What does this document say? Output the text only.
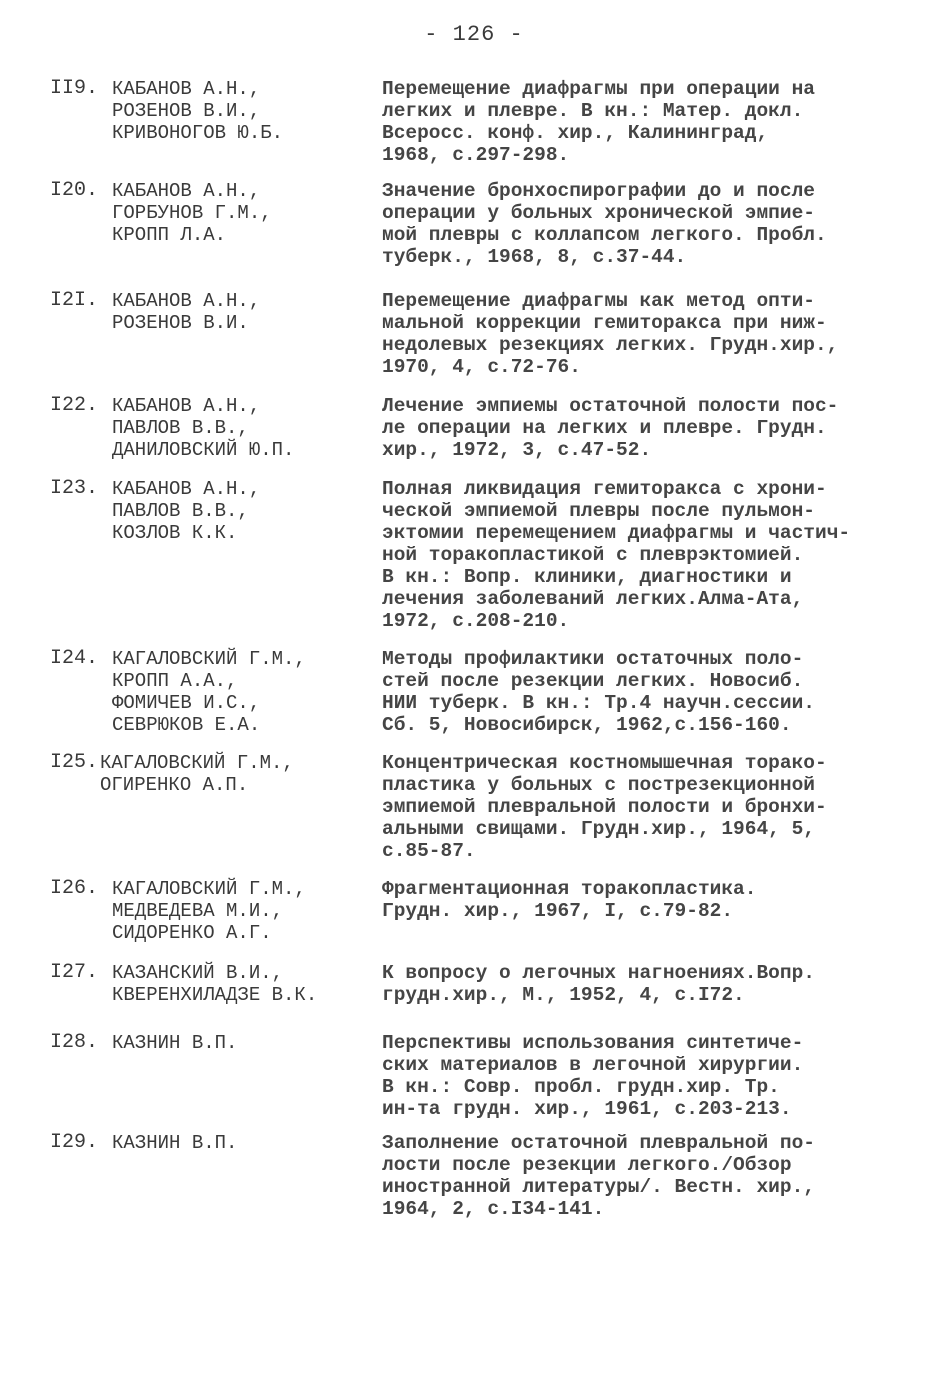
- 126 -
II9. КАБАНОВ А.Н.,
РОЗЕНОВ В.И.,
КРИВОНОГОВ Ю.Б.
Перемещение диафрагмы при операции на
легких и плевре. В кн.: Матер. докл.
Всеросс. конф. хир., Калининград,
1968, с.297-298.
I20. КАБАНОВ А.Н.,
ГОРБУНОВ Г.М.,
КРОПП Л.А.
Значение бронхоспирографии до и после
операции у больных хронической эмпие-
мой плевры с коллапсом легкого. Пробл.
туберк., 1968, 8, с.37-44.
I2I. КАБАНОВ А.Н.,
РОЗЕНОВ В.И.
Перемещение диафрагмы как метод опти-
мальной коррекции гемиторакса при ниж-
недолевых резекциях легких. Грудн.хир.,
1970, 4, с.72-76.
I22. КАБАНОВ А.Н.,
ПАВЛОВ В.В.,
ДАНИЛОВСКИЙ Ю.П.
Лечение эмпиемы остаточной полости пос-
ле операции на легких и плевре. Грудн.
хир., 1972, 3, с.47-52.
I23. КАБАНОВ А.Н.,
ПАВЛОВ В.В.,
КОЗЛОВ К.К.
Полная ликвидация гемиторакса с хрони-
ческой эмпиемой плевры после пульмон-
эктомии перемещением диафрагмы и частич-
ной торакопластикой с плеврэктомией.
В кн.: Вопр. клиники, диагностики и
лечения заболеваний легких.Алма-Ата,
1972, с.208-210.
I24. КАГАЛОВСКИЙ Г.М.,
КРОПП А.А.,
ФОМИЧЕВ И.С.,
СЕВРЮКОВ Е.А.
Методы профилактики остаточных поло-
стей после резекции легких. Новосиб.
НИИ туберк. В кн.: Тр.4 научн.сессии.
Сб. 5, Новосибирск, 1962,с.156-160.
I25. КАГАЛОВСКИЙ Г.М.,
ОГИРЕНКО А.П.
Концентрическая костномышечная торако-
пластика у больных с пострезекционной
эмпиемой плевральной полости и бронхи-
альными свищами. Грудн.хир., 1964, 5,
с.85-87.
I26. КАГАЛОВСКИЙ Г.М.,
МЕДВЕДЕВА М.И.,
СИДОРЕНКО А.Г.
Фрагментационная торакопластика.
Грудн. хир., 1967, I, с.79-82.
I27. КАЗАНСКИЙ В.И.,
КВЕРЕНХИЛАДЗЕ В.К.
К вопросу о легочных нагноениях.Вопр.
грудн.хир., М., 1952, 4, с.I72.
I28. КАЗНИН В.П.	Перспективы использования синтетиче-
ских материалов в легочной хирургии.
В кн.: Совр. пробл. грудн.хир. Тр.
ин-та грудн. хир., 1961, с.203-213.
I29. КАЗНИН В.П.	Заполнение остаточной плевральной по-
лости после резекции легкого./Обзор
иностранной литературы/. Вестн. хир.,
1964, 2, с.I34-141.
